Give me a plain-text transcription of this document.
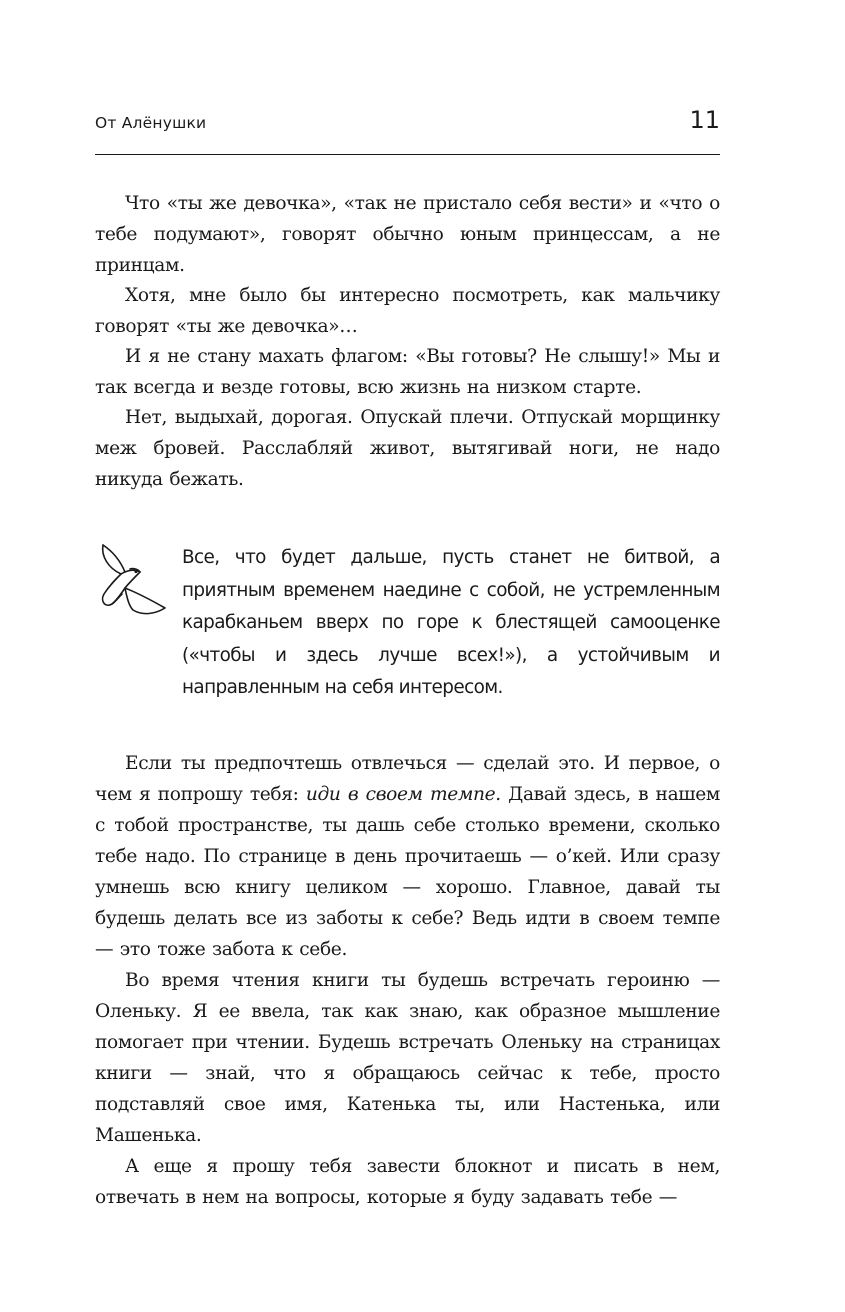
От Алёнушки	11

Что «ты же девочка», «так не пристало себя вести» и «что о тебе подумают», говорят обычно юным принцессам, а не принцам.

Хотя, мне было бы интересно посмотреть, как мальчику говорят «ты же девочка»…

И я не стану махать флагом: «Вы готовы? Не слышу!» Мы и так всегда и везде готовы, всю жизнь на низком старте.

Нет, выдыхай, дорогая. Опускай плечи. Отпускай морщинку меж бровей. Расслабляй живот, вытягивай ноги, не надо никуда бежать.

Все, что будет дальше, пусть станет не битвой, а приятным временем наедине с собой, не устремленным карабканьем вверх по горе к блестящей самооценке («чтобы и здесь лучше всех!»), а устойчивым и направленным на себя интересом.

Если ты предпочтешь отвлечься — сделай это. И первое, о чем я попрошу тебя: иди в своем темпе. Давай здесь, в нашем с тобой пространстве, ты дашь себе столько времени, сколько тебе надо. По странице в день прочитаешь — о’кей. Или сразу умнешь всю книгу целиком — хорошо. Главное, давай ты будешь делать все из заботы к себе? Ведь идти в своем темпе — это тоже забота к себе.

Во время чтения книги ты будешь встречать героиню — Оленьку. Я ее ввела, так как знаю, как образное мышление помогает при чтении. Будешь встречать Оленьку на страницах книги — знай, что я обращаюсь сейчас к тебе, просто подставляй свое имя, Катенька ты, или Настенька, или Машенька.

А еще я прошу тебя завести блокнот и писать в нем, отвечать в нем на вопросы, которые я буду задавать тебе —
